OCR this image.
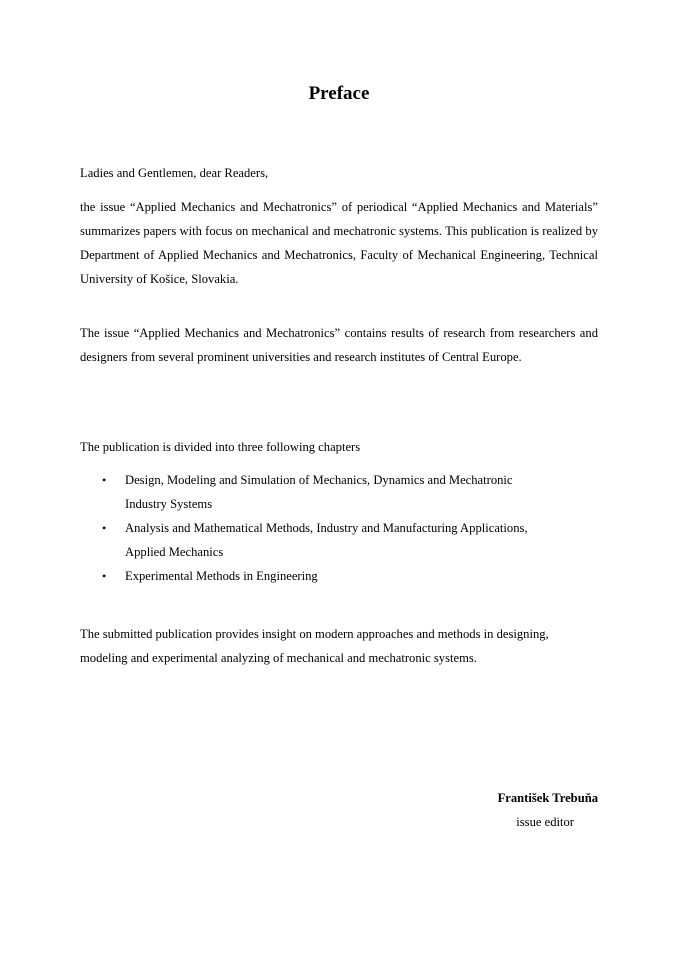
Preface

Ladies and Gentlemen, dear Readers,

the issue “Applied Mechanics and Mechatronics” of periodical “Applied Mechanics and Materials” summarizes papers with focus on mechanical and mechatronic systems. This publication is realized by Department of Applied Mechanics and Mechatronics, Faculty of Mechanical Engineering, Technical University of Košice, Slovakia.

The issue “Applied Mechanics and Mechatronics” contains results of research from researchers and designers from several prominent universities and research institutes of Central Europe.

The publication is divided into three following chapters

• Design, Modeling and Simulation of Mechanics, Dynamics and Mechatronic Industry Systems
• Analysis and Mathematical Methods, Industry and Manufacturing Applications, Applied Mechanics
• Experimental Methods in Engineering

The submitted publication provides insight on modern approaches and methods in designing, modeling and experimental analyzing of mechanical and mechatronic systems.

František Trebuňa
issue editor
